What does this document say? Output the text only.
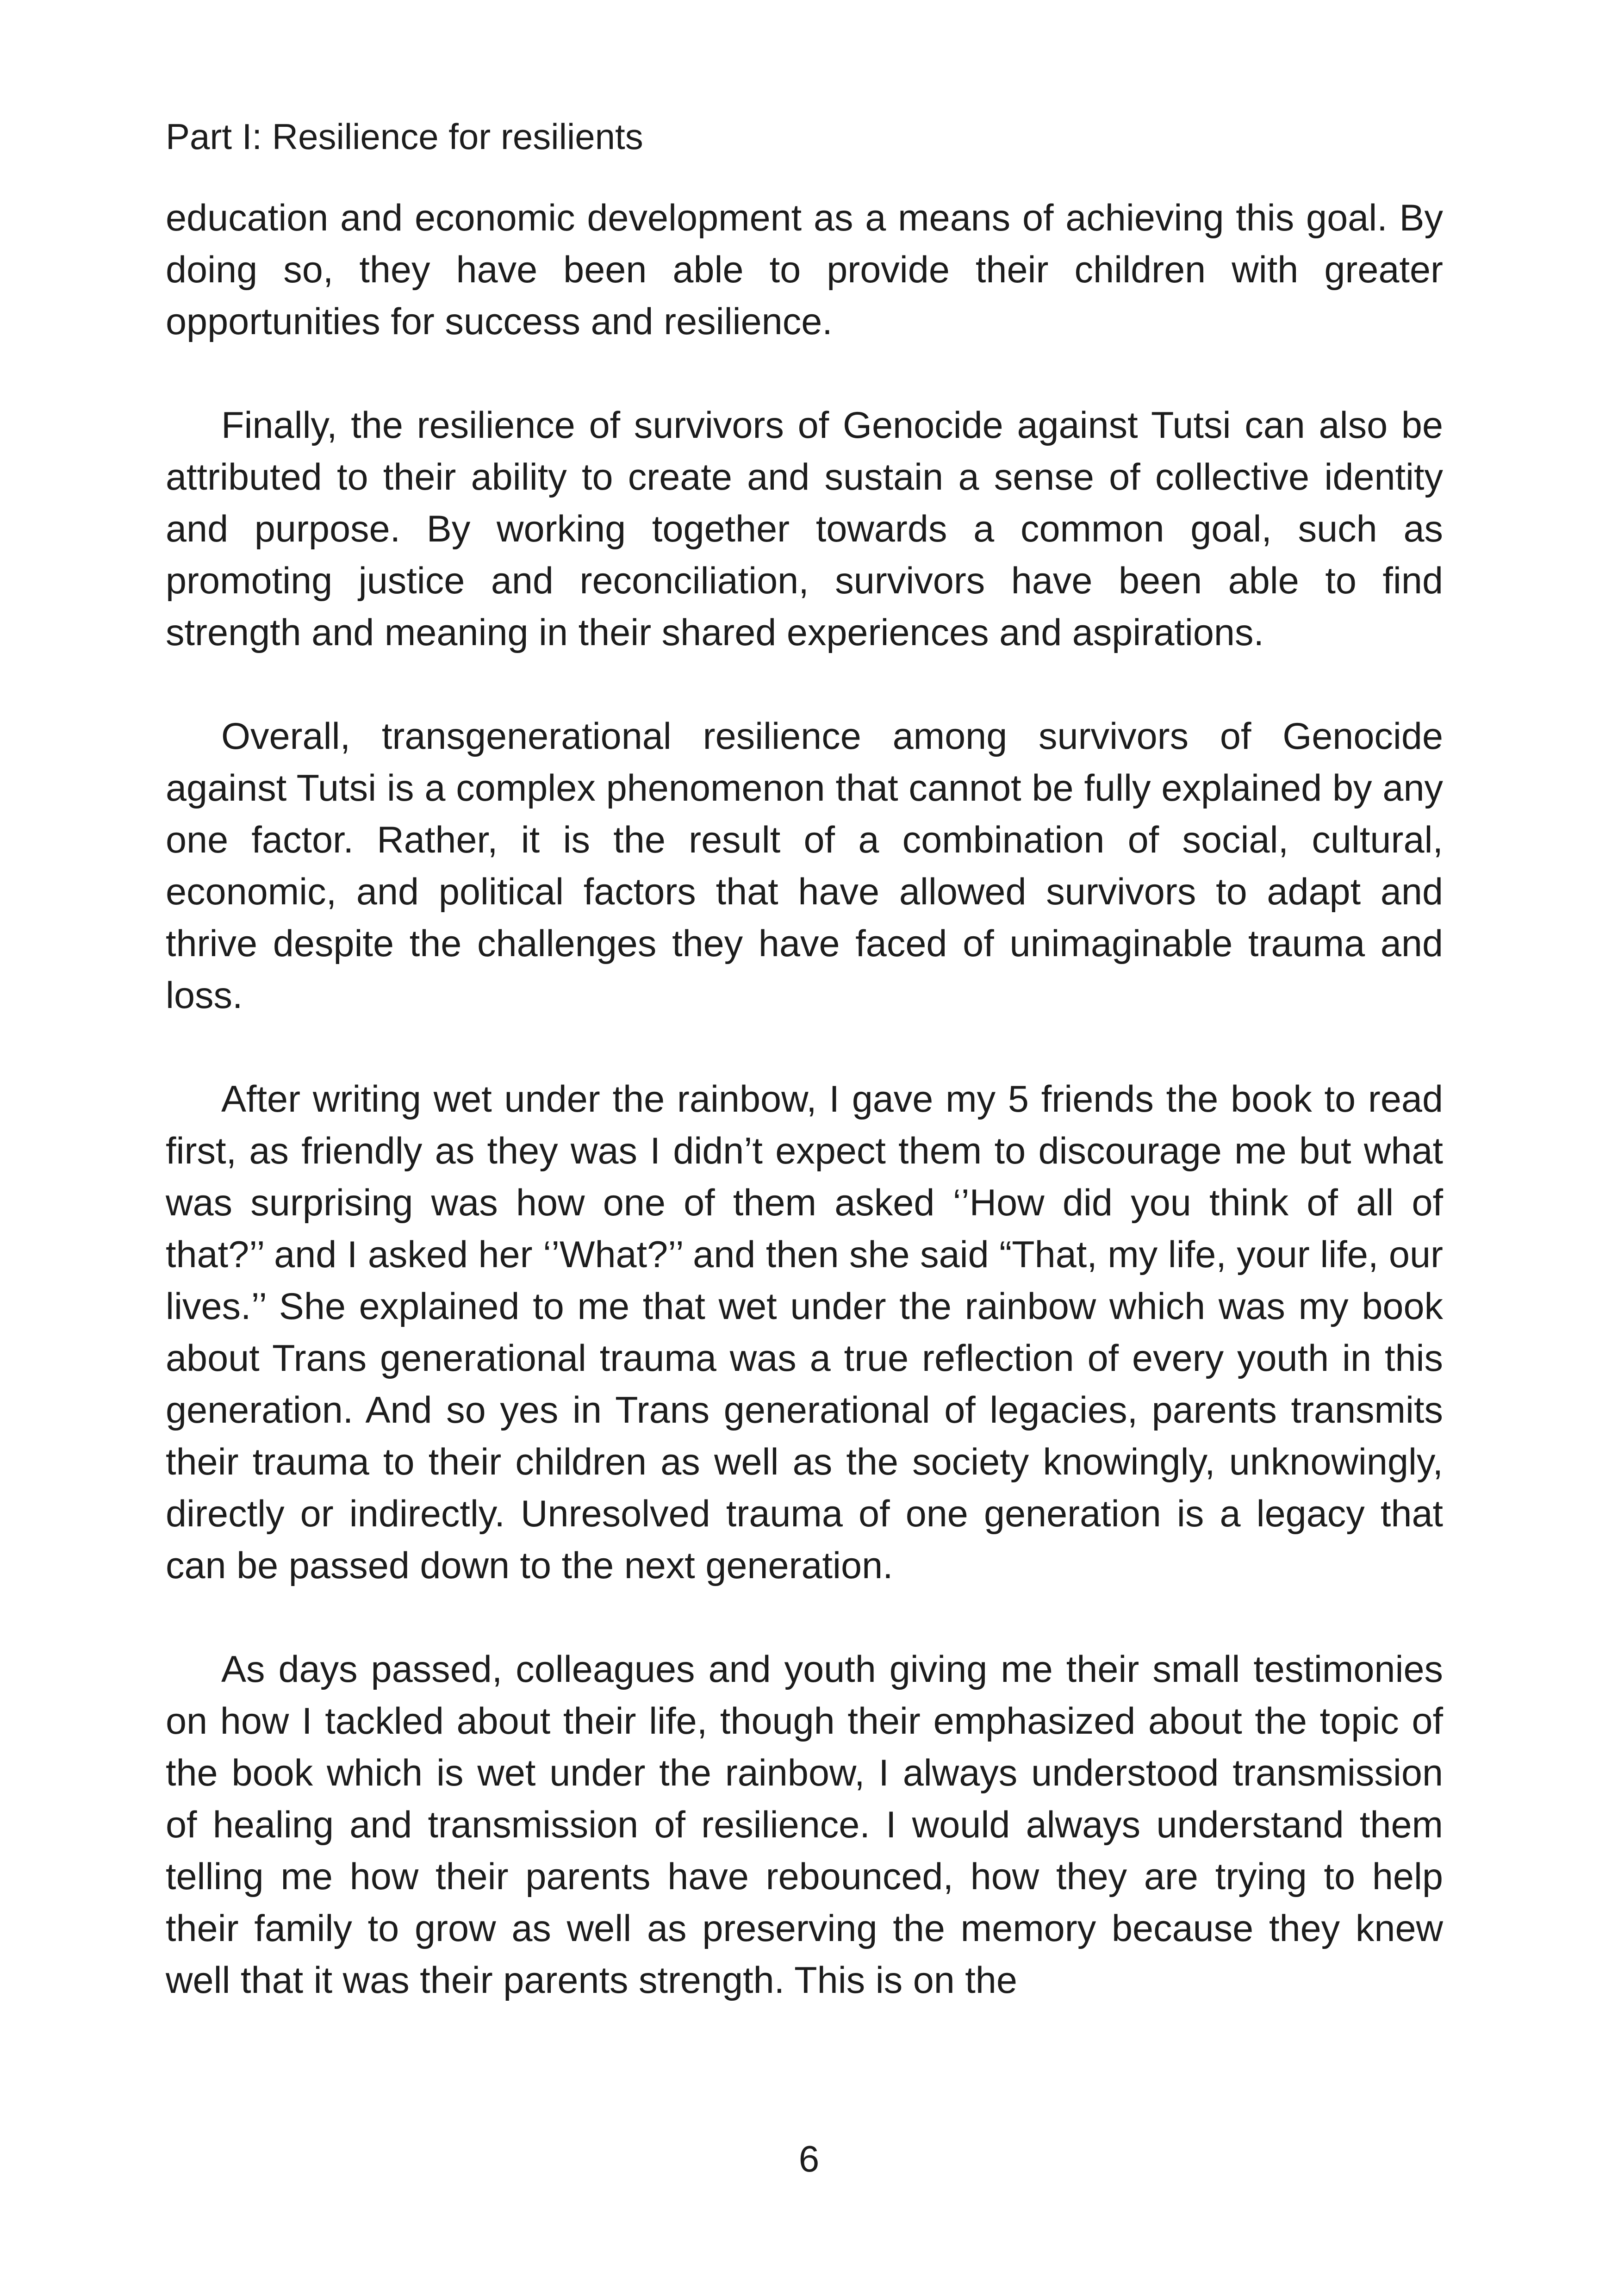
Part I: Resilience for resilients

education and economic development as a means of achieving this goal. By doing so, they have been able to provide their children with greater opportunities for success and resilience.

Finally, the resilience of survivors of Genocide against Tutsi can also be attributed to their ability to create and sustain a sense of collective identity and purpose. By working together towards a common goal, such as promoting justice and reconciliation, survivors have been able to find strength and meaning in their shared experiences and aspirations.

Overall, transgenerational resilience among survivors of Genocide against Tutsi is a complex phenomenon that cannot be fully explained by any one factor. Rather, it is the result of a combination of social, cultural, economic, and political factors that have allowed survivors to adapt and thrive despite the challenges they have faced of unimaginable trauma and loss.

After writing wet under the rainbow, I gave my 5 friends the book to read first, as friendly as they was I didn’t expect them to discourage me but what was surprising was how one of them asked ‘’How did you think of all of that?’’ and I asked her ‘’What?’’ and then she said “That, my life, your life, our lives.’’ She explained to me that wet under the rainbow which was my book about Trans generational trauma was a true reflection of every youth in this generation. And so yes in Trans generational of legacies, parents transmits their trauma to their children as well as the society knowingly, unknowingly, directly or indirectly. Unresolved trauma of one generation is a legacy that can be passed down to the next generation.

As days passed, colleagues and youth giving me their small testimonies on how I tackled about their life, though their emphasized about the topic of the book which is wet under the rainbow, I always understood transmission of healing and transmission of resilience. I would always understand them telling me how their parents have rebounced, how they are trying to help their family to grow as well as preserving the memory because they knew well that it was their parents strength. This is on the

6
